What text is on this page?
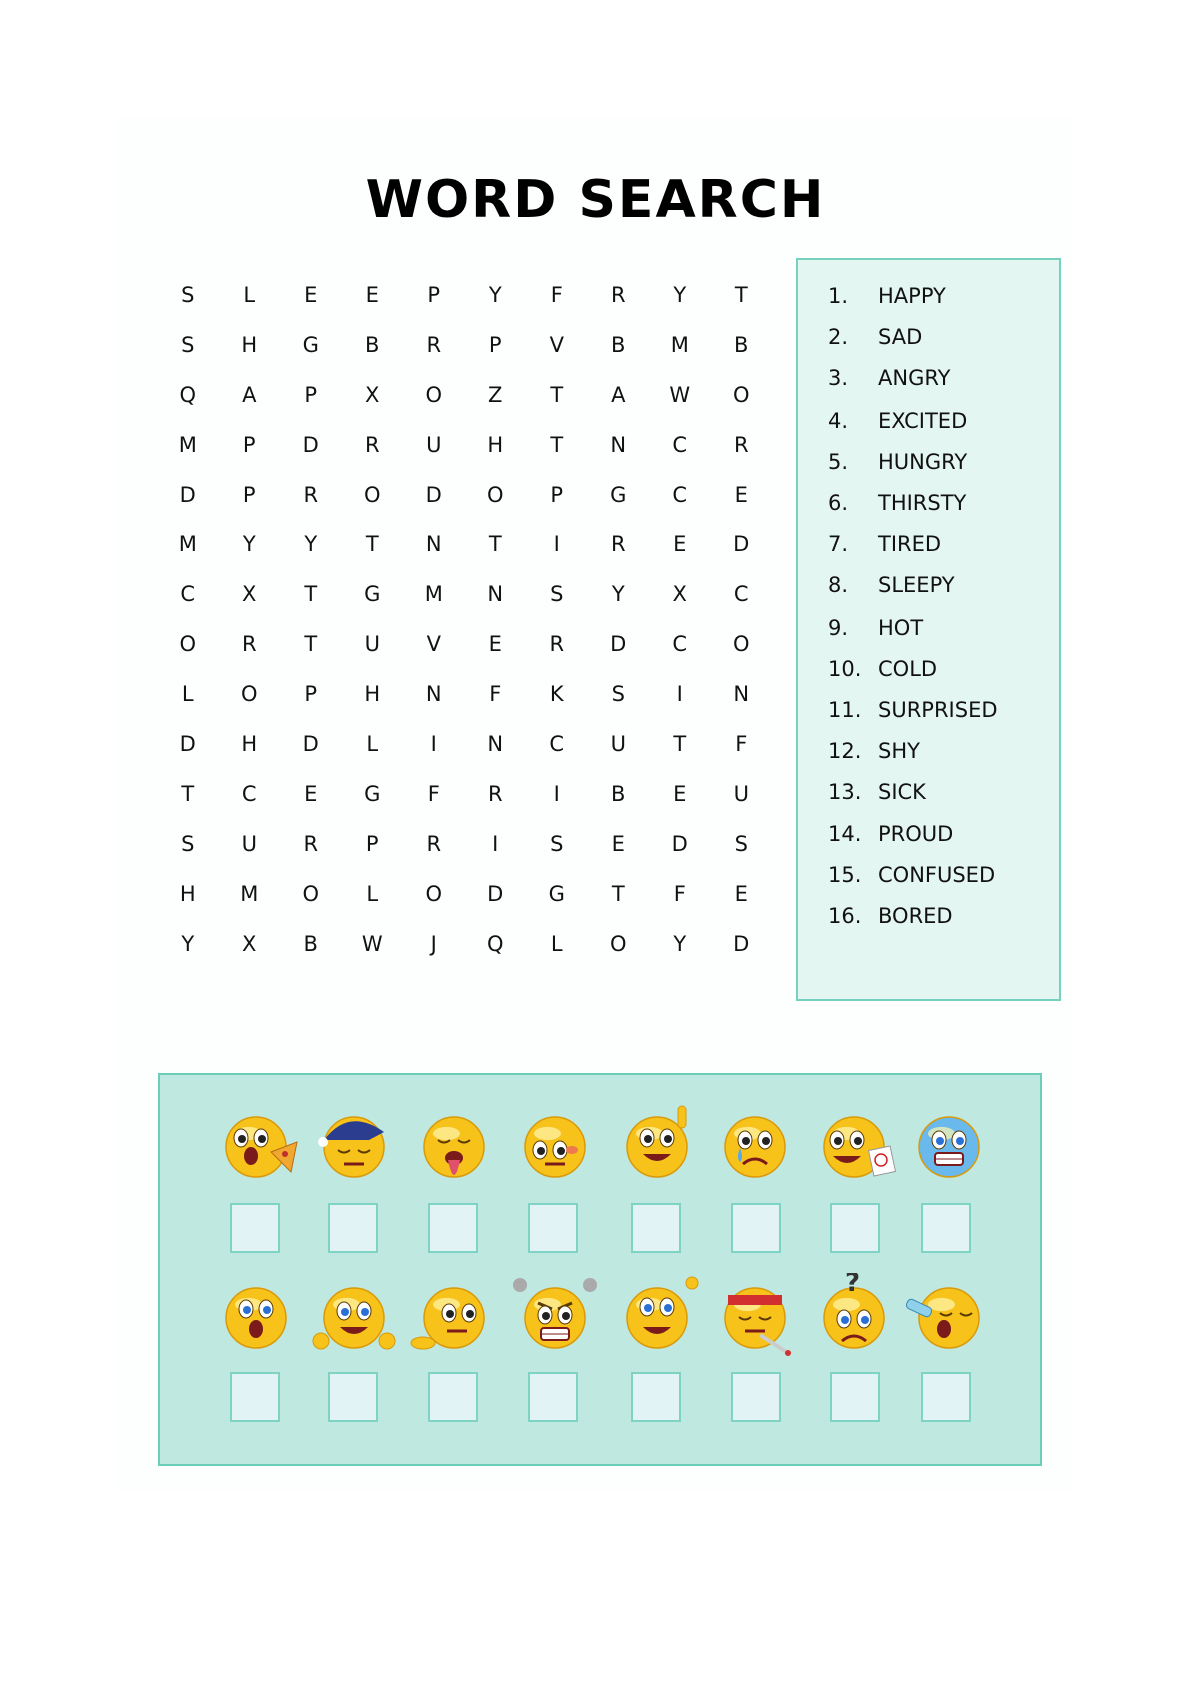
WORD SEARCH
S	L	E	E	P	Y	F	R	Y	T
S	H	G	B	R	P	V	B	M	B
Q	A	P	X	O	Z	T	A	W	O
M	P	D	R	U	H	T	N	C	R
D	P	R	O	D	O	P	G	C	E
M	Y	Y	T	N	T	I	R	E	D
C	X	T	G	M	N	S	Y	X	C
O	R	T	U	V	E	R	D	C	O
L	O	P	H	N	F	K	S	I	N
D	H	D	L	I	N	C	U	T	F
T	C	E	G	F	R	I	B	E	U
S	U	R	P	R	I	S	E	D	S
H	M	O	L	O	D	G	T	F	E
Y	X	B	W	J	Q	L	O	Y	D
1. HAPPY
2. SAD
3. ANGRY
4. EXCITED
5. HUNGRY
6. THIRSTY
7. TIRED
8. SLEEPY
9. HOT
10. COLD
11. SURPRISED
12. SHY
13. SICK
14. PROUD
15. CONFUSED
16. BORED
?
